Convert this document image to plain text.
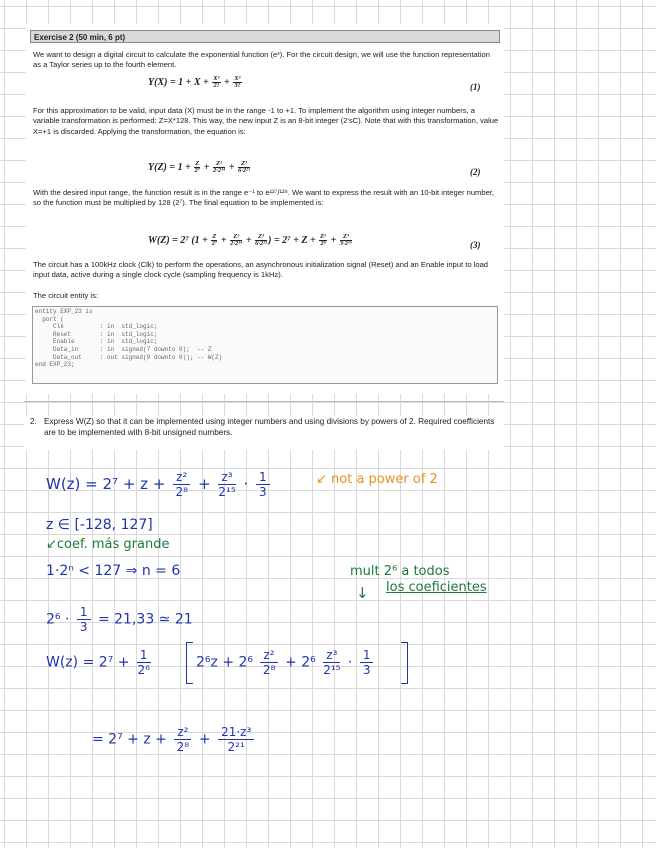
Exercise 2 (50 min, 6 pt)

We want to design a digital circuit to calculate the exponential function (eˣ). For the circuit design, we will use the function representation as a Taylor series up to the fourth element.

$Y(X) = 1 + X + \frac{\text{X²}}{2!} + \frac{\text{X³}}{3!}$	(1)

For this approximation to be valid, input data (X) must be in the range -1 to +1. To implement the algorithm using integer numbers, a variable transformation is performed: Z=X*128. This way, the new input Z is an 8-bit integer (2'sC). Note that with this transformation, value X=+1 is discarded. Applying the transformation, the equation is:

$Y(Z) = 1 + \frac{Z}{\text{2⁷}} + \frac{\text{Z²}}{\text{2·2¹⁴}} + \frac{\text{Z³}}{\text{6·2²¹}}$	(2)

With the desired input range, the function result is in the range e⁻¹ to e¹²⁷/¹²⁸. We want to express the result with an 10-bit integer number, so the function must be multiplied by 128 (2⁷). The final equation to be implemented is:

W(Z) = 2⁷ ($1 + \frac{Z}{\text{2⁷}} + \frac{\text{Z²}}{\text{2·2¹⁴}} + \frac{\text{Z³}}{\text{6·2²¹}}$ ) = $2^7 + Z + \frac{\text{Z²}}{\text{2⁸}} + \frac{\text{Z³}}{\text{3·2¹⁵}}$	(3)

The circuit has a 100kHz clock (Clk) to perform the operations, an asynchronous initialization signal (Reset) and an Enable input to load input data, active during a single clock cycle (sampling frequency is 1kHz).

The circuit entity is:

entity EXP_23 is
port (
Clk          : in  std_logic;
Reset        : in  std_logic;
Enable       : in  std_logic;
Data_in      : in  signed(7 downto 0);  -- Z
Data_out     : out signed(9 downto 0)); -- W(Z)
end EXP_23;
2. Express W(Z) so that it can be implemented using integer numbers and using divisions by powers of 2. Required coefficients are to be implemented with 8-bit unsigned numbers.
$W(z) = 2^7 + z + \frac{\text{z²}}{\text{2⁸}} + \frac{\text{z³}}{\text{2¹⁵}} \cdot \frac{1}{3}$	↙ not a power of 2
z ∈ [-128, 127]
↙coef. más grande
1·2ⁿ < 127 ⇒ n = 6	mult 2⁶ a todos
los coeficientes
↓
$2^6 \cdot \frac{1}{3} = 21,33$ ≃ 21
$W(z) = 2^7 + \frac{1}{\text{2⁶}}$	$2^6z + 2^6 \frac{\text{z²}}{\text{2⁸}} + 2^6 \frac{\text{z³}}{\text{2¹⁵}} \cdot \frac{1}{3}$
= $2^7 + z + \frac{\text{z²}}{\text{2⁸}} + \frac{\text{21·z³}}{\text{2²¹}}$
